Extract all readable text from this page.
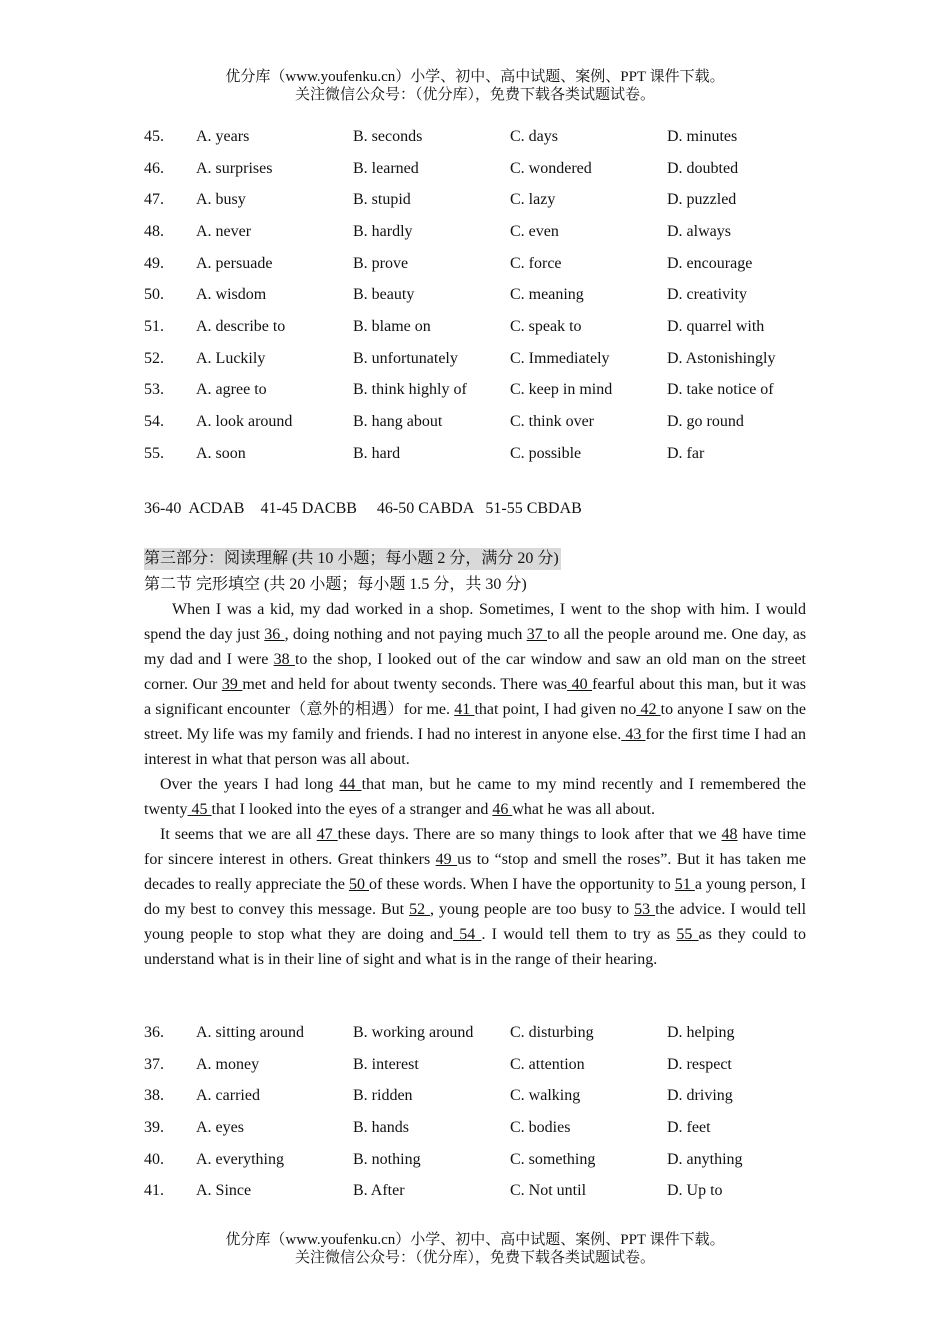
优分库（www.youfenku.cn）小学、初中、高中试题、案例、PPT 课件下载。
关注微信公众号：（优分库），免费下载各类试题试卷。
45.	A. years	B. seconds	C. days	D. minutes
46.	A. surprises	B. learned	C. wondered	D. doubted
47.	A. busy	B. stupid	C. lazy	D. puzzled
48.	A. never	B. hardly	C. even	D. always
49.	A. persuade	B. prove	C. force	D. encourage
50.	A. wisdom	B. beauty	C. meaning	D. creativity
51.	A. describe to	B. blame on	C. speak to	D. quarrel with
52.	A. Luckily	B. unfortunately	C. Immediately	D. Astonishingly
53.	A. agree to	B. think highly of	C. keep in mind	D. take notice of
54.	A. look around	B. hang about	C. think over	D. go round
55.	A. soon	B. hard	C. possible	D. far
36-40  ACDAB    41-45 DACBB     46-50 CABDA   51-55 CBDAB
第三部分：阅读理解 (共 10 小题；每小题 2 分，满分 20 分)
第二节 完形填空 (共 20 小题；每小题 1.5 分，共 30 分)

When I was a kid, my dad worked in a shop. Sometimes, I went to the shop with him. I would spend the day just 36 , doing nothing and not paying much 37 to all the people around me. One day, as my dad and I were 38 to the shop, I looked out of the car window and saw an old man on the street corner. Our 39 met and held for about twenty seconds. There was 40 fearful about this man, but it was a significant encounter（意外的相遇）for me. 41 that point, I had given no 42 to anyone I saw on the street. My life was my family and friends. I had no interest in anyone else. 43 for the first time I had an interest in what that person was all about.

Over the years I had long 44 that man, but he came to my mind recently and I remembered the twenty 45 that I looked into the eyes of a stranger and 46 what he was all about.

It seems that we are all 47 these days. There are so many things to look after that we 48 have time for sincere interest in others. Great thinkers 49 us to “stop and smell the roses”. But it has taken me decades to really appreciate the 50 of these words. When I have the opportunity to 51 a young person, I do my best to convey this message. But 52 , young people are too busy to 53 the advice. I would tell young people to stop what they are doing and 54 . I would tell them to try as 55 as they could to understand what is in their line of sight and what is in the range of their hearing.

36.	A. sitting around	B. working around	C. disturbing	D. helping
37.	A. money	B. interest	C. attention	D. respect
38.	A. carried	B. ridden	C. walking	D. driving
39.	A. eyes	B. hands	C. bodies	D. feet
40.	A. everything	B. nothing	C. something	D. anything
41.	A. Since	B. After	C. Not until	D. Up to
优分库（www.youfenku.cn）小学、初中、高中试题、案例、PPT 课件下载。
关注微信公众号：（优分库），免费下载各类试题试卷。
